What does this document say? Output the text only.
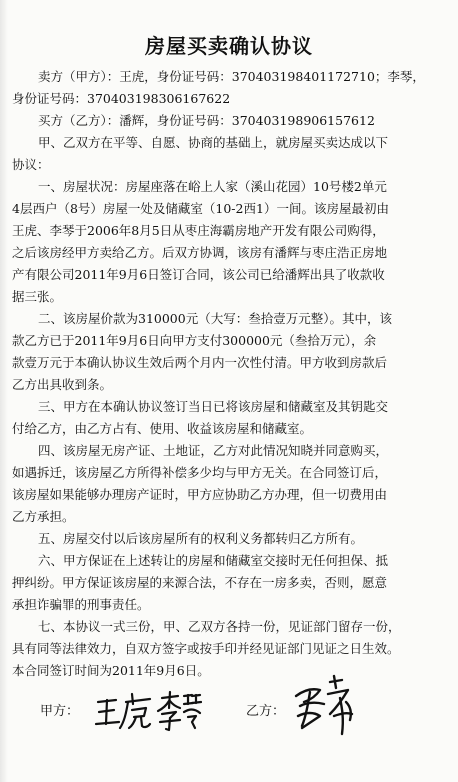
房屋买卖确认协议
卖方（甲方）：王虎，身份证号码：370403198401172710；李琴，
身份证号码：370403198306167622
买方（乙方）：潘辉，身份证号码：370403198906157612
甲、乙双方在平等、自愿、协商的基础上，就房屋买卖达成以下
协议：
一、房屋状况：房屋座落在峪上人家（溪山花园）10号楼2单元
4层西户（8号）房屋一处及储藏室（10-2西1）一间。该房屋最初由
王虎、李琴于2006年8月5日从枣庄海霸房地产开发有限公司购得，
之后该房经甲方卖给乙方。后双方协调，该房有潘辉与枣庄浩正房地
产有限公司2011年9月6日签订合同，该公司已给潘辉出具了收款收
据三张。
二、该房屋价款为310000元（大写：叁拾壹万元整）。其中，该
款乙方已于2011年9月6日向甲方支付300000元（叁拾万元），余
款壹万元于本确认协议生效后两个月内一次性付清。甲方收到房款后
乙方出具收到条。
三、甲方在本确认协议签订当日已将该房屋和储藏室及其钥匙交
付给乙方，由乙方占有、使用、收益该房屋和储藏室。
四、该房屋无房产证、土地证，乙方对此情况知晓并同意购买，
如遇拆迁，该房屋乙方所得补偿多少均与甲方无关。在合同签订后，
该房屋如果能够办理房产证时，甲方应协助乙方办理，但一切费用由
乙方承担。
五、房屋交付以后该房屋所有的权利义务都转归乙方所有。
六、甲方保证在上述转让的房屋和储藏室交接时无任何担保、抵
押纠纷。甲方保证该房屋的来源合法，不存在一房多卖，否则，愿意
承担诈骗罪的刑事责任。
七、本协议一式三份，甲、乙双方各持一份，见证部门留存一份，
具有同等法律效力，自双方签字或按手印并经见证部门见证之日生效。
本合同签订时间为2011年9月6日。
甲方：	乙方：
